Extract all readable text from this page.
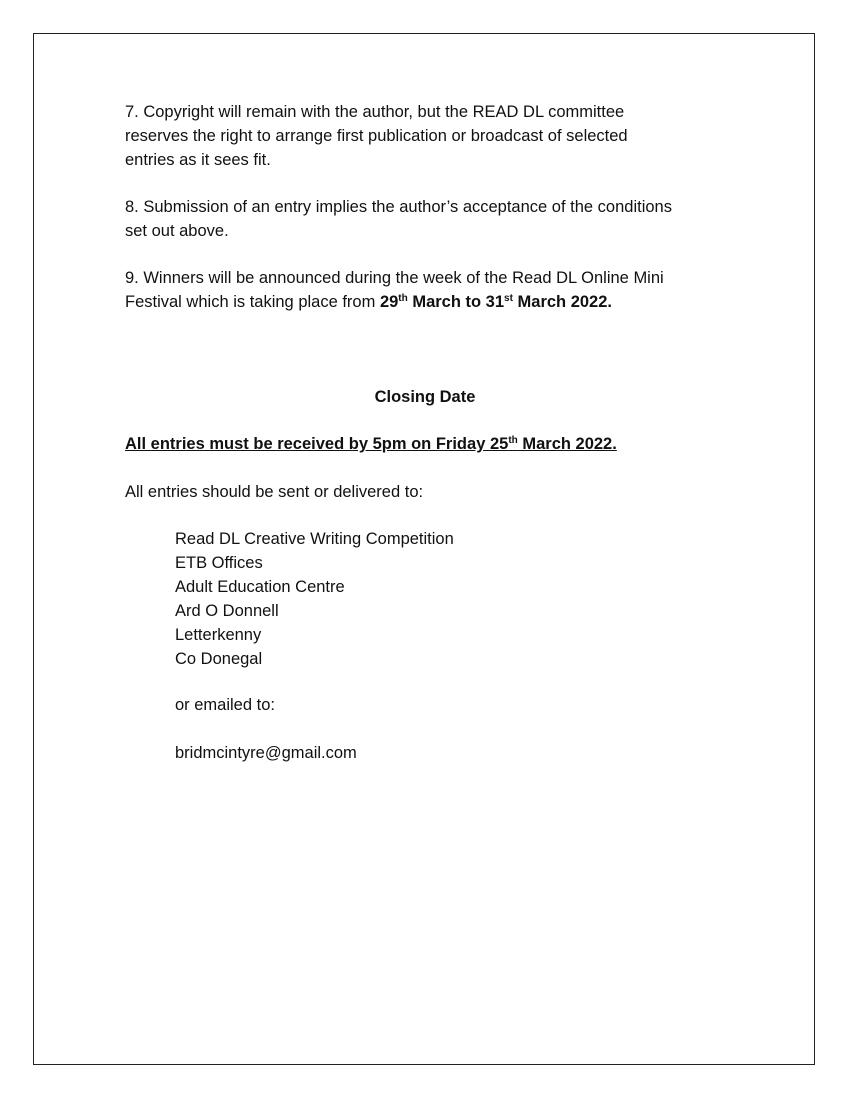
7. Copyright will remain with the author, but the READ DL committee
reserves the right to arrange first publication or broadcast of selected
entries as it sees fit.
8. Submission of an entry implies the author’s acceptance of the conditions
set out above.
9. Winners will be announced during the week of the Read DL Online Mini
Festival which is taking place from 29th March to 31st March 2022.
Closing Date
All entries must be received by 5pm on Friday 25th March 2022.
All entries should be sent or delivered to:
Read DL Creative Writing Competition
ETB Offices
Adult Education Centre
Ard O Donnell
Letterkenny
Co Donegal
or emailed to:
bridmcintyre@gmail.com
